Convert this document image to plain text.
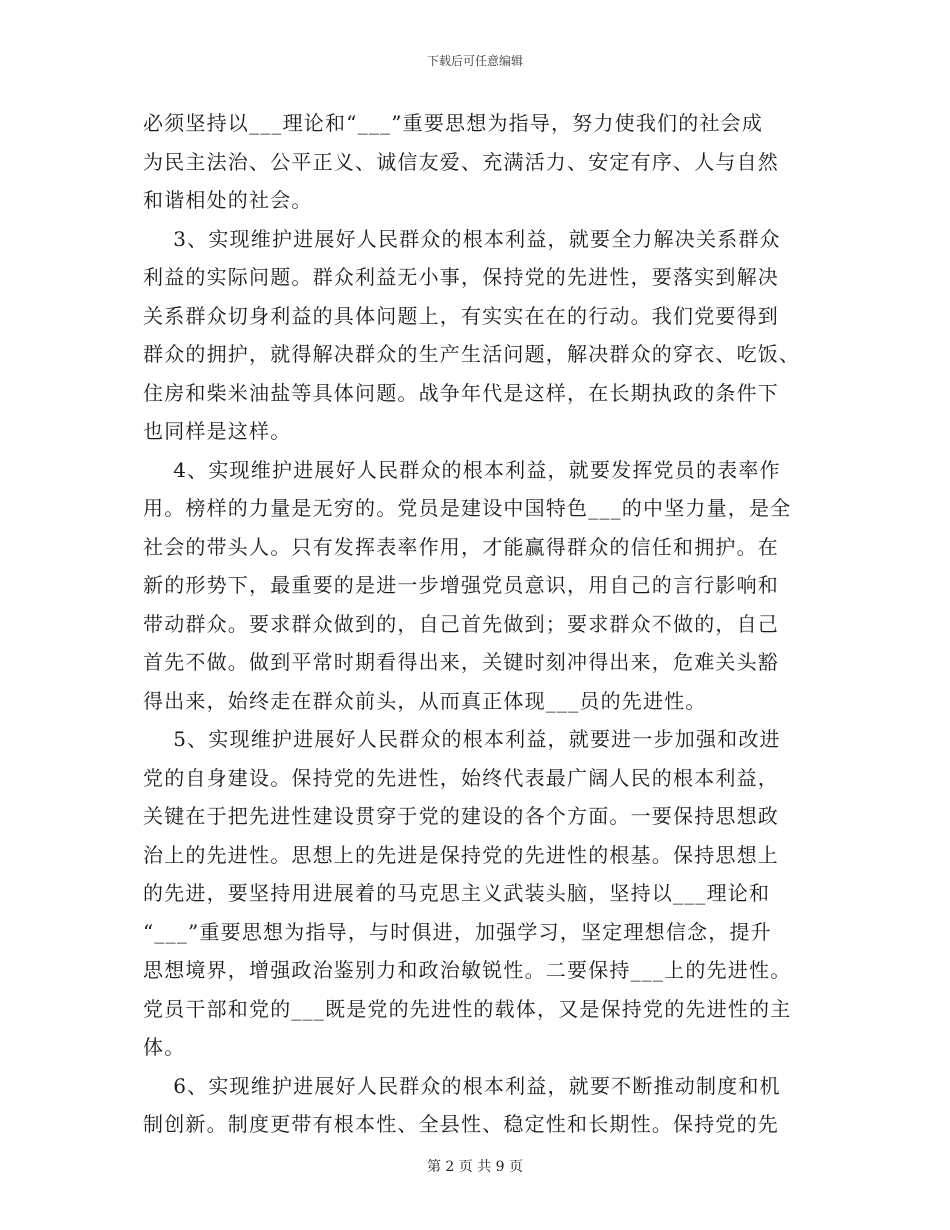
下载后可任意编辑

必须坚持以___理论和“___”重要思想为指导，努力使我们的社会成
为民主法治、公平正义、诚信友爱、充满活力、安定有序、人与自然
和谐相处的社会。

3、实现维护进展好人民群众的根本利益，就要全力解决关系群众
利益的实际问题。群众利益无小事，保持党的先进性，要落实到解决
关系群众切身利益的具体问题上，有实实在在的行动。我们党要得到
群众的拥护，就得解决群众的生产生活问题，解决群众的穿衣、吃饭、
住房和柴米油盐等具体问题。战争年代是这样，在长期执政的条件下
也同样是这样。

4、实现维护进展好人民群众的根本利益，就要发挥党员的表率作
用。榜样的力量是无穷的。党员是建设中国特色___的中坚力量，是全
社会的带头人。只有发挥表率作用，才能赢得群众的信任和拥护。在
新的形势下，最重要的是进一步增强党员意识，用自己的言行影响和
带动群众。要求群众做到的，自己首先做到；要求群众不做的，自己
首先不做。做到平常时期看得出来，关键时刻冲得出来，危难关头豁
得出来，始终走在群众前头，从而真正体现___员的先进性。

5、实现维护进展好人民群众的根本利益，就要进一步加强和改进
党的自身建设。保持党的先进性，始终代表最广阔人民的根本利益，
关键在于把先进性建设贯穿于党的建设的各个方面。一要保持思想政
治上的先进性。思想上的先进是保持党的先进性的根基。保持思想上
的先进，要坚持用进展着的马克思主义武装头脑，坚持以___理论和
“___”重要思想为指导，与时俱进，加强学习，坚定理想信念，提升
思想境界，增强政治鉴别力和政治敏锐性。二要保持___上的先进性。
党员干部和党的___既是党的先进性的载体，又是保持党的先进性的主
体。

6、实现维护进展好人民群众的根本利益，就要不断推动制度和机
制创新。制度更带有根本性、全县性、稳定性和长期性。保持党的先

第 2 页 共 9 页
